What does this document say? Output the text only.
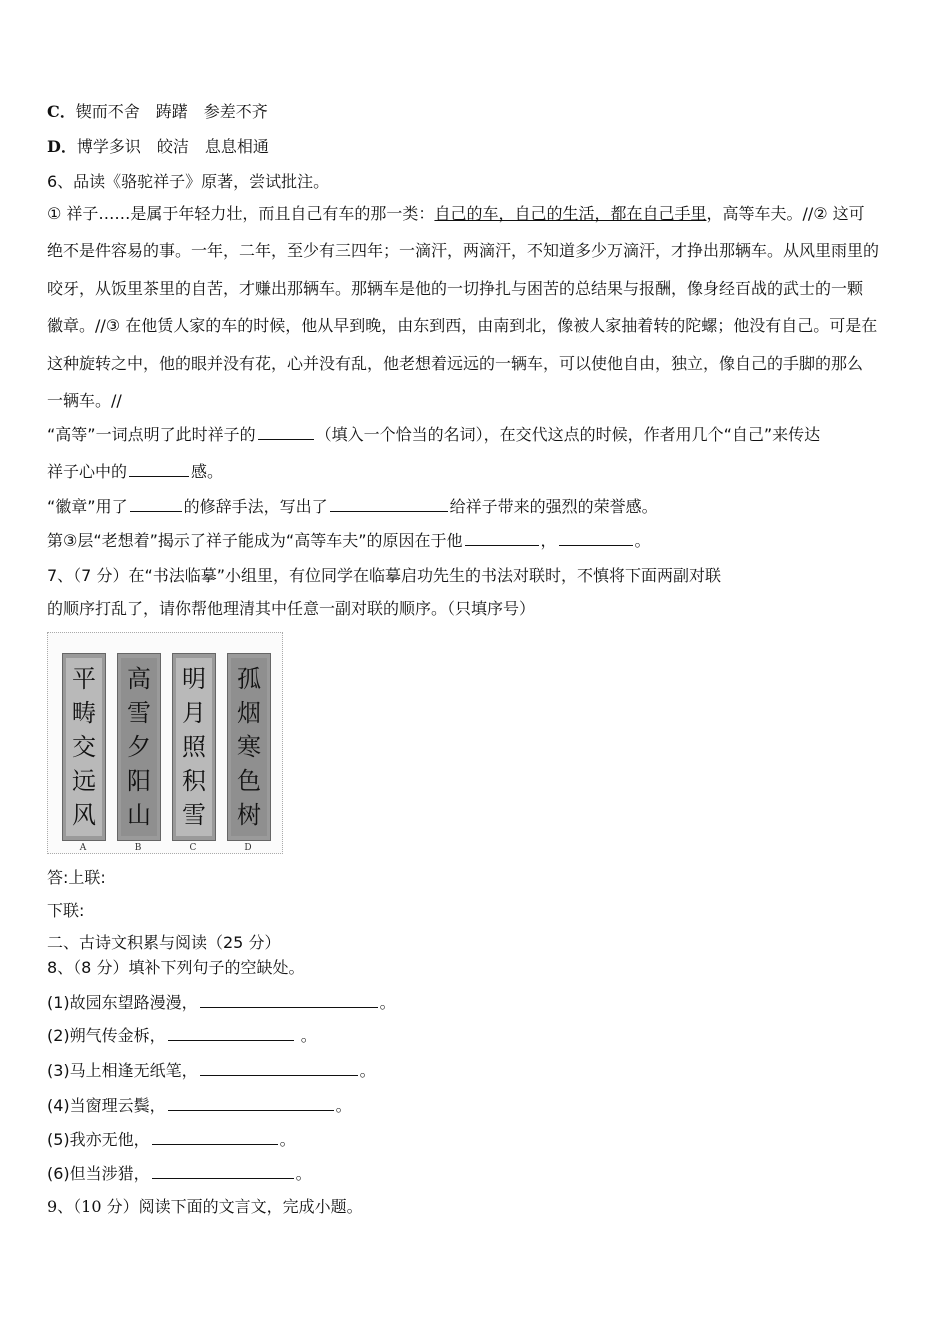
C．锲而不舍 踌躇 参差不齐
D．博学多识 皎洁 息息相通
6、品读《骆驼祥子》原著，尝试批注。
① 祥子……是属于年轻力壮，而且自己有车的那一类：自己的车，自己的生活，都在自己手里，高等车夫。//② 这可
绝不是件容易的事。一年，二年，至少有三四年；一滴汗，两滴汗，不知道多少万滴汗，才挣出那辆车。从风里雨里的
咬牙，从饭里茶里的自苦，才赚出那辆车。那辆车是他的一切挣扎与困苦的总结果与报酬，像身经百战的武士的一颗
徽章。//③ 在他赁人家的车的时候，他从早到晚，由东到西，由南到北，像被人家抽着转的陀螺；他没有自己。可是在
这种旋转之中，他的眼并没有花，心并没有乱，他老想着远远的一辆车，可以使他自由，独立，像自己的手脚的那么
一辆车。//
“高等”一词点明了此时祥子的	（填入一个恰当的名词），在交代这点的时候，作者用几个“自己”来传达
祥子心中的	感。
“徽章”用了	的修辞手法，写出了	给祥子带来的强烈的荣誉感。
第③层“老想着”揭示了祥子能成为“高等车夫”的原因在于他	，	。
7、（7 分）在“书法临摹”小组里，有位同学在临摹启功先生的书法对联时，不慎将下面两副对联
的顺序打乱了，请你帮他理清其中任意一副对联的顺序。（只填序号）
平
畴
交
远
风
A
高
雪
夕
阳
山
B
明
月
照
积
雪
C
孤
烟
寒
色
树
D
答:上联:
下联:
二、古诗文积累与阅读（25 分）
8、（8 分）填补下列句子的空缺处。
(1)故园东望路漫漫，	。
(2)朔气传金柝，	。
(3)马上相逢无纸笔，	。
(4)当窗理云鬓，	。
(5)我亦无他，	。
(6)但当涉猎，	。
9、（10 分）阅读下面的文言文，完成小题。
